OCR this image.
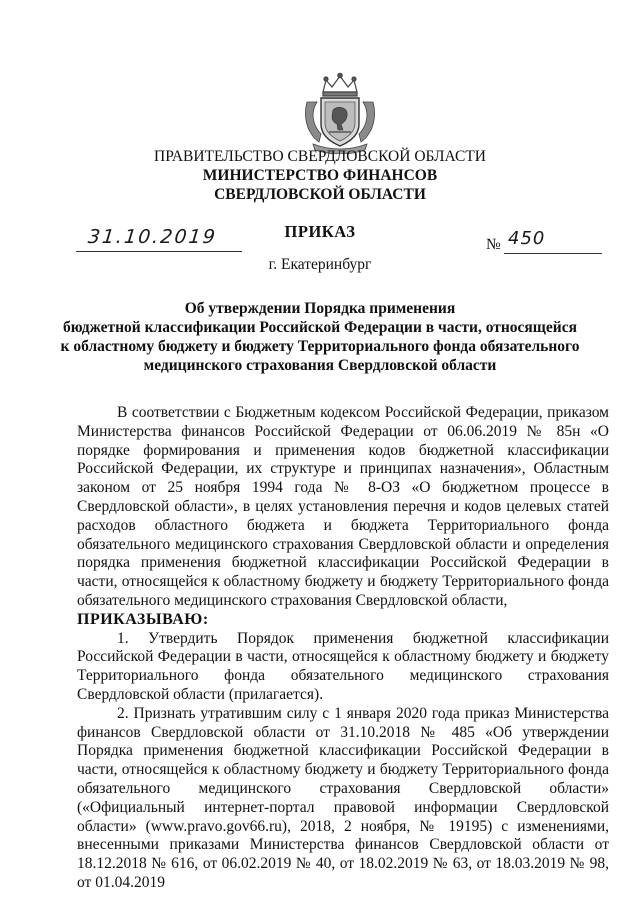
ПРАВИТЕЛЬСТВО СВЕРДЛОВСКОЙ ОБЛАСТИ
МИНИСТЕРСТВО ФИНАНСОВ
СВЕРДЛОВСКОЙ ОБЛАСТИ
ПРИКАЗ
31.10.2019	№ 450
г. Екатеринбург
Об утверждении Порядка применения
бюджетной классификации Российской Федерации в части, относящейся
к областному бюджету и бюджету Территориального фонда обязательного
медицинского страхования Свердловской области

В соответствии с Бюджетным кодексом Российской Федерации, приказом Министерства финансов Российской Федерации от 06.06.2019 № 85н «О порядке формирования и применения кодов бюджетной классификации Российской Федерации, их структуре и принципах назначения», Областным законом от 25 ноября 1994 года № 8-ОЗ «О бюджетном процессе в Свердловской области», в целях установления перечня и кодов целевых статей расходов областного бюджета и бюджета Территориального фонда обязательного медицинского страхования Свердловской области и определения порядка применения бюджетной классификации Российской Федерации в части, относящейся к областному бюджету и бюджету Территориального фонда обязательного медицинского страхования Свердловской области,

ПРИКАЗЫВАЮ:

1. Утвердить Порядок применения бюджетной классификации Российской Федерации в части, относящейся к областному бюджету и бюджету Территориального фонда обязательного медицинского страхования Свердловской области (прилагается).

2. Признать утратившим силу с 1 января 2020 года приказ Министерства финансов Свердловской области от 31.10.2018 № 485 «Об утверждении Порядка применения бюджетной классификации Российской Федерации в части, относящейся к областному бюджету и бюджету Территориального фонда обязательного медицинского страхования Свердловской области» («Официальный интернет-портал правовой информации Свердловской области» (www.pravo.gov66.ru), 2018, 2 ноября, № 19195) с изменениями, внесенными приказами Министерства финансов Свердловской области от 18.12.2018 № 616, от 06.02.2019 № 40, от 18.02.2019 № 63, от 18.03.2019 № 98, от 01.04.2019
